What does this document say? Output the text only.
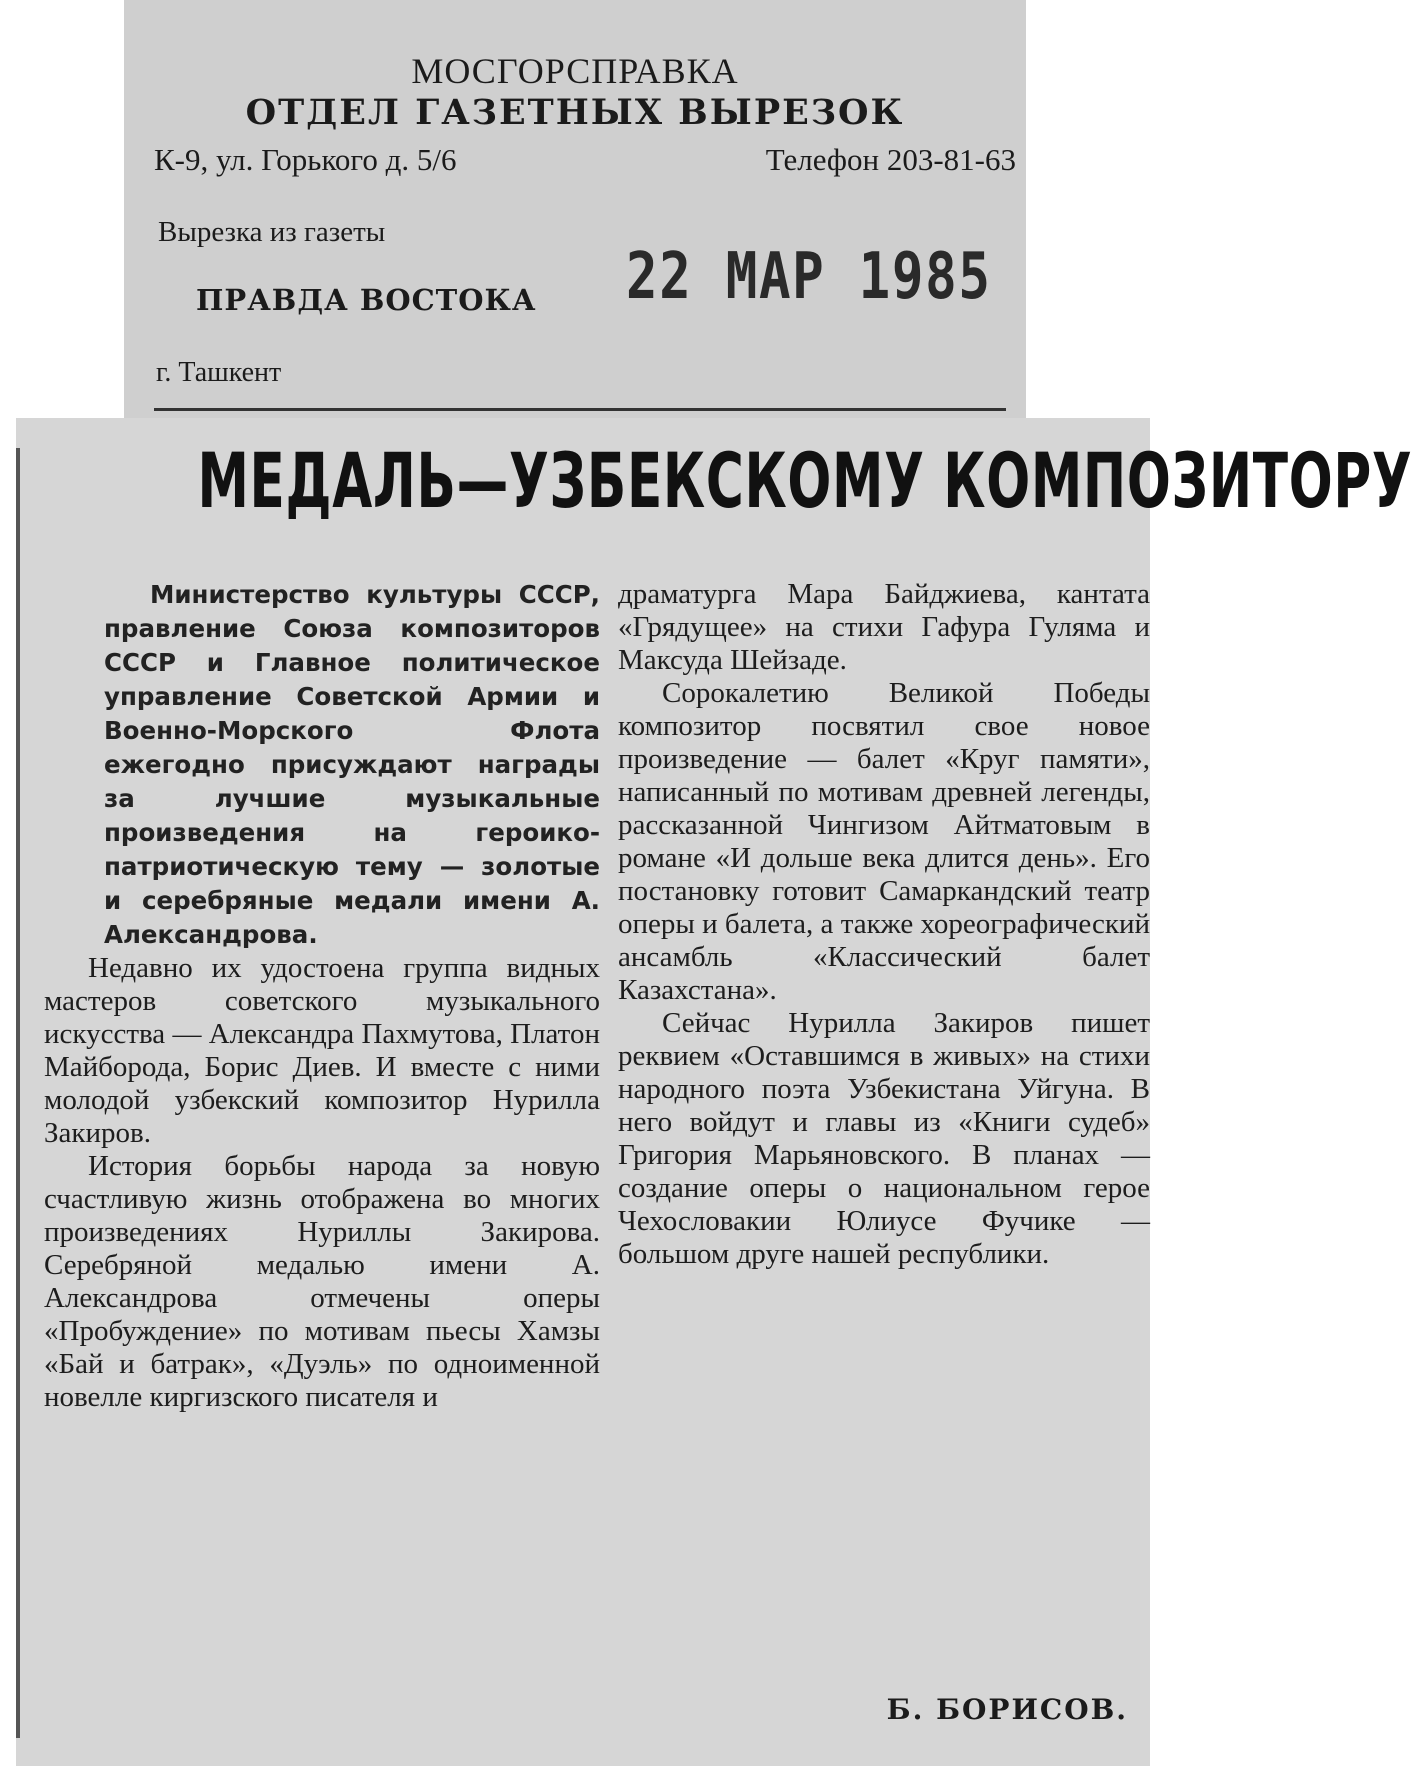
МОСГОРСПРАВКА
ОТДЕЛ ГАЗЕТНЫХ ВЫРЕЗОК
К-9, ул. Горького д. 5/6	Телефон 203-81-63
Вырезка из газеты
ПРАВДА ВОСТОКА 22 МАР 1985
г. Ташкент
МЕДАЛЬ—УЗБЕКСКОМУ КОМПОЗИТОРУ

Министерство культуры СССР, правление Союза композиторов СССР и Главное политическое управление Советской Армии и Военно-Морского Флота ежегодно присуждают награды за лучшие музыкальные произведения на героико-патриотическую тему — золотые и серебряные медали имени А. Александрова.

Недавно их удостоена группа видных мастеров советского музыкального искусства — Александра Пахмутова, Платон Майборода, Борис Диев. И вместе с ними молодой узбекский композитор Нурилла Закиров.

История борьбы народа за новую счастливую жизнь отображена во многих произведениях Нуриллы Закирова. Серебряной медалью имени А. Александрова отмечены оперы «Пробуждение» по мотивам пьесы Хамзы «Бай и батрак», «Дуэль» по одноименной новелле киргизского писателя и

драматурга Мара Байджиева, кантата «Грядущее» на стихи Гафура Гуляма и Максуда Шейзаде.

Сорокалетию Великой Победы композитор посвятил свое новое произведение — балет «Круг памяти», написанный по мотивам древней легенды, рассказанной Чингизом Айтматовым в романе «И дольше века длится день». Его постановку готовит Самаркандский театр оперы и балета, а также хореографический ансамбль «Классический балет Казахстана».

Сейчас Нурилла Закиров пишет реквием «Оставшимся в живых» на стихи народного поэта Узбекистана Уйгуна. В него войдут и главы из «Книги судеб» Григория Марьяновского. В планах — создание оперы о национальном герое Чехословакии Юлиусе Фучике — большом друге нашей республики.

Б. БОРИСОВ.
